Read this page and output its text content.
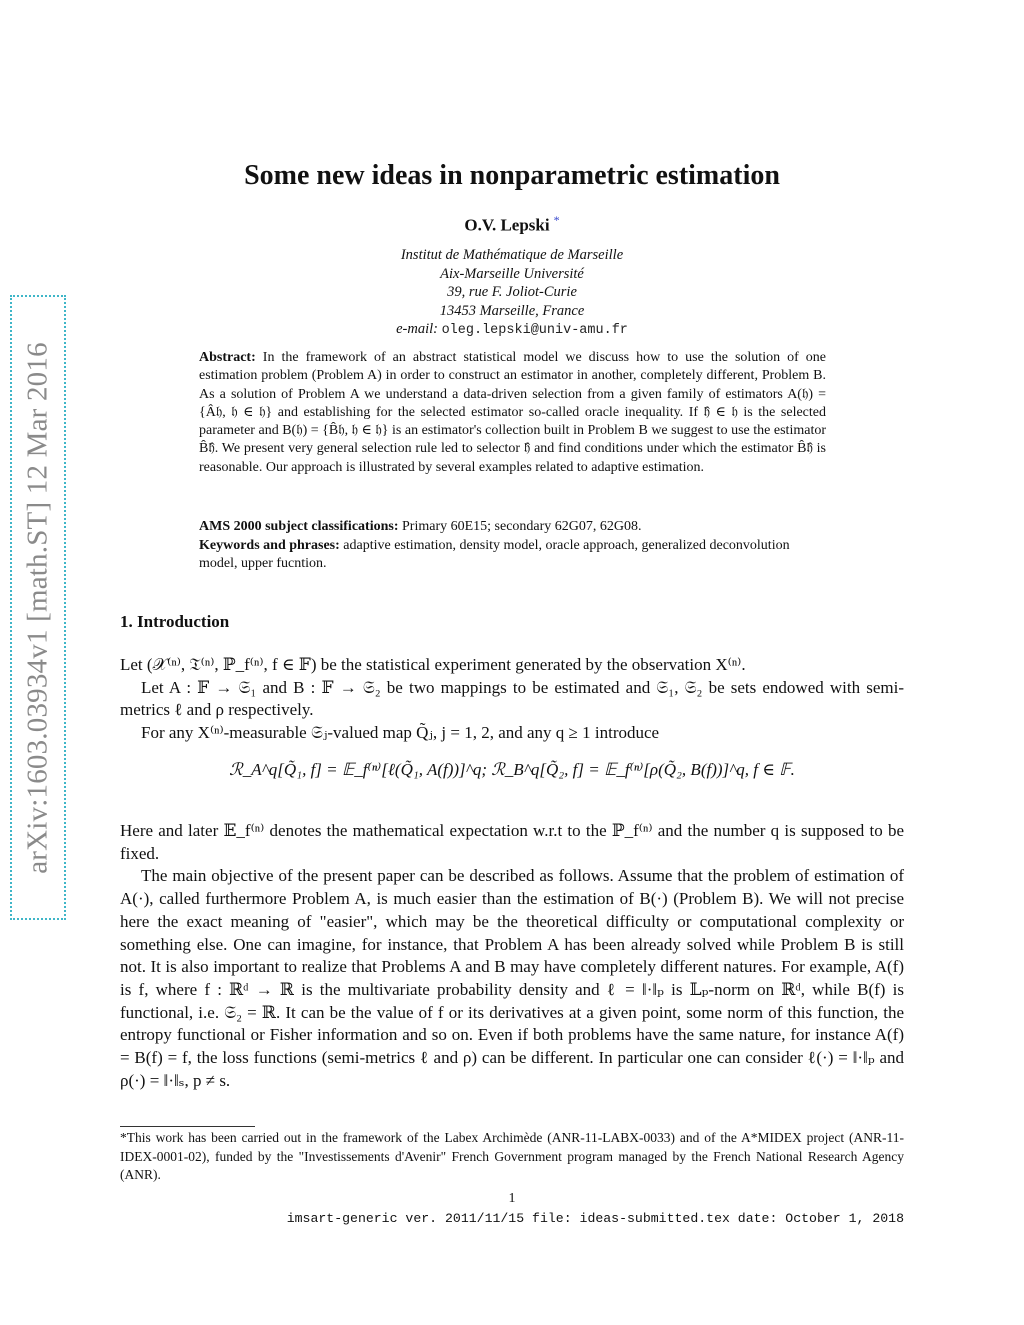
arXiv:1603.03934v1 [math.ST] 12 Mar 2016
Some new ideas in nonparametric estimation
O.V. Lepski *
Institut de Mathématique de Marseille
Aix-Marseille Université
39, rue F. Joliot-Curie
13453 Marseille, France
e-mail: oleg.lepski@univ-amu.fr
Abstract: In the framework of an abstract statistical model we discuss how to use the solution of one estimation problem (Problem A) in order to construct an estimator in another, completely different, Problem B. As a solution of Problem A we understand a data-driven selection from a given family of estimators A(𝔥) = {Â𝔥, 𝔥 ∈ 𝔥} and establishing for the selected estimator so-called oracle inequality. If 𝔥̂ ∈ 𝔥 is the selected parameter and B(𝔥) = {B̂𝔥, 𝔥 ∈ 𝔥} is an estimator's collection built in Problem B we suggest to use the estimator B̂𝔥̂. We present very general selection rule led to selector 𝔥̂ and find conditions under which the estimator B̂𝔥̂ is reasonable. Our approach is illustrated by several examples related to adaptive estimation.
AMS 2000 subject classifications: Primary 60E15; secondary 62G07, 62G08.
Keywords and phrases: adaptive estimation, density model, oracle approach, generalized deconvolution model, upper fucntion.
1. Introduction

Let (𝒳⁽ⁿ⁾, 𝔗⁽ⁿ⁾, ℙ_f⁽ⁿ⁾, f ∈ 𝔽) be the statistical experiment generated by the observation X⁽ⁿ⁾.

Let A : 𝔽 → 𝔖₁ and B : 𝔽 → 𝔖₂ be two mappings to be estimated and 𝔖₁, 𝔖₂ be sets endowed with semi-metrics ℓ and ρ respectively.

For any X⁽ⁿ⁾-measurable 𝔖ⱼ-valued map Q̃ⱼ, j = 1, 2, and any q ≥ 1 introduce

ℛ_A^q[Q̃₁, f] = 𝔼_f⁽ⁿ⁾[ℓ(Q̃₁, A(f))]^q; ℛ_B^q[Q̃₂, f] = 𝔼_f⁽ⁿ⁾[ρ(Q̃₂, B(f))]^q, f ∈ 𝔽.

Here and later 𝔼_f⁽ⁿ⁾ denotes the mathematical expectation w.r.t to the ℙ_f⁽ⁿ⁾ and the number q is supposed to be fixed.

The main objective of the present paper can be described as follows. Assume that the problem of estimation of A(·), called furthermore Problem A, is much easier than the estimation of B(·) (Problem B). We will not precise here the exact meaning of "easier", which may be the theoretical difficulty or computational complexity or something else. One can imagine, for instance, that Problem A has been already solved while Problem B is still not. It is also important to realize that Problems A and B may have completely different natures. For example, A(f) is f, where f : ℝᵈ → ℝ is the multivariate probability density and ℓ = ‖·‖ₚ is 𝕃ₚ-norm on ℝᵈ, while B(f) is functional, i.e. 𝔖₂ = ℝ. It can be the value of f or its derivatives at a given point, some norm of this function, the entropy functional or Fisher information and so on. Even if both problems have the same nature, for instance A(f) = B(f) = f, the loss functions (semi-metrics ℓ and ρ) can be different. In particular one can consider ℓ(·) = ‖·‖ₚ and ρ(·) = ‖·‖ₛ, p ≠ s.

*This work has been carried out in the framework of the Labex Archimède (ANR-11-LABX-0033) and of the A*MIDEX project (ANR-11-IDEX-0001-02), funded by the "Investissements d'Avenir" French Government program managed by the French National Research Agency (ANR).
1
imsart-generic ver. 2011/11/15 file: ideas-submitted.tex date: October 1, 2018
